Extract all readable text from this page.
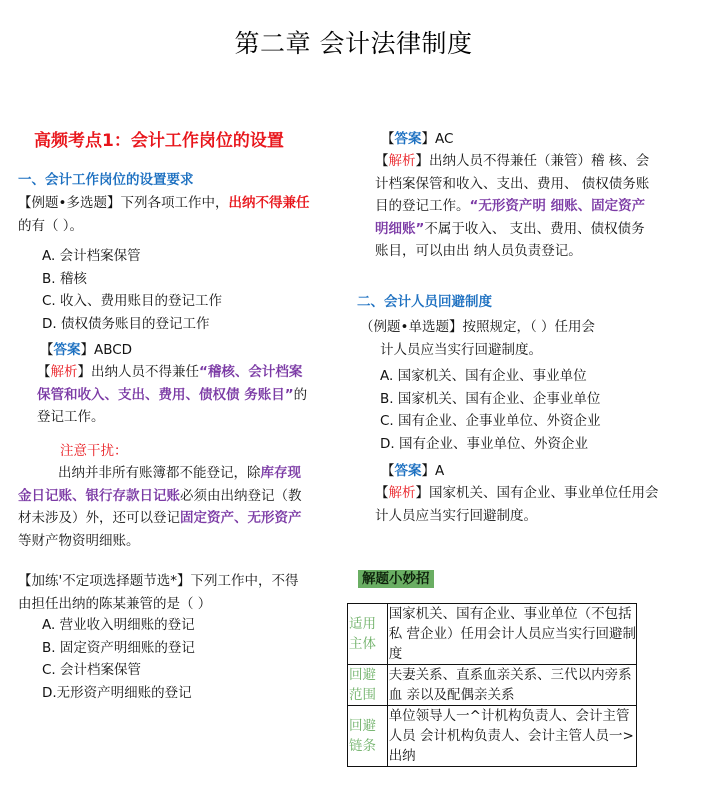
第二章 会计法律制度
高频考点1：会计工作岗位的设置
一、会计工作岗位的设置要求
【例题•多选题】下列各项工作中，出纳不得兼任的有（ ）。
A. 会计档案保管
B. 稽核
C. 收入、费用账目的登记工作
D. 债权债务账目的登记工作
【答案】ABCD
【解析】出纳人员不得兼任“稽核、会计档案保管和收入、支出、费用、债权债 务账目”的登记工作。
注意干扰：
出纳并非所有账簿都不能登记，除库存现金日记账、银行存款日记账必须由出纳登记（教材未涉及）外，还可以登记固定资产、无形资产等财产物资明细账。
【加练'不定项选择题节选*】下列工作中，不得由担任出纳的陈某兼管的是（ ）
A. 营业收入明细账的登记
B. 固定资产明细账的登记
C. 会计档案保管
D.无形资产明细账的登记
【答案】AC
【解析】出纳人员不得兼任（兼管）稽 核、会计档案保管和收入、支出、费用、 债权债务账目的登记工作。“无形资产明 细账、固定资产明细账”不属于收入、 支出、费用、债权债务账目，可以由出 纳人员负责登记。
二、会计人员回避制度
（例题•单选题】按照规定，（ ）任用会
计人员应当实行回避制度。
A. 国家机关、国有企业、事业单位
B. 国家机关、国有企业、企事业单位
C. 国有企业、企事业单位、外资企业
D. 国有企业、事业单位、外资企业
【答案】A
【解析】国家机关、国有企业、事业单位任用会计人员应当实行回避制度。
解题小妙招
适用主体	国家机关、国有企业、事业单位（不包括私 营企业）任用会计人员应当实行回避制度
回避范围	夫妻关系、直系血亲关系、三代以内旁系血 亲以及配偶亲关系
回避链条	单位领导人一^计机构负责人、会计主管人员 会计机构负责人、会计主管人员一> 出纳
